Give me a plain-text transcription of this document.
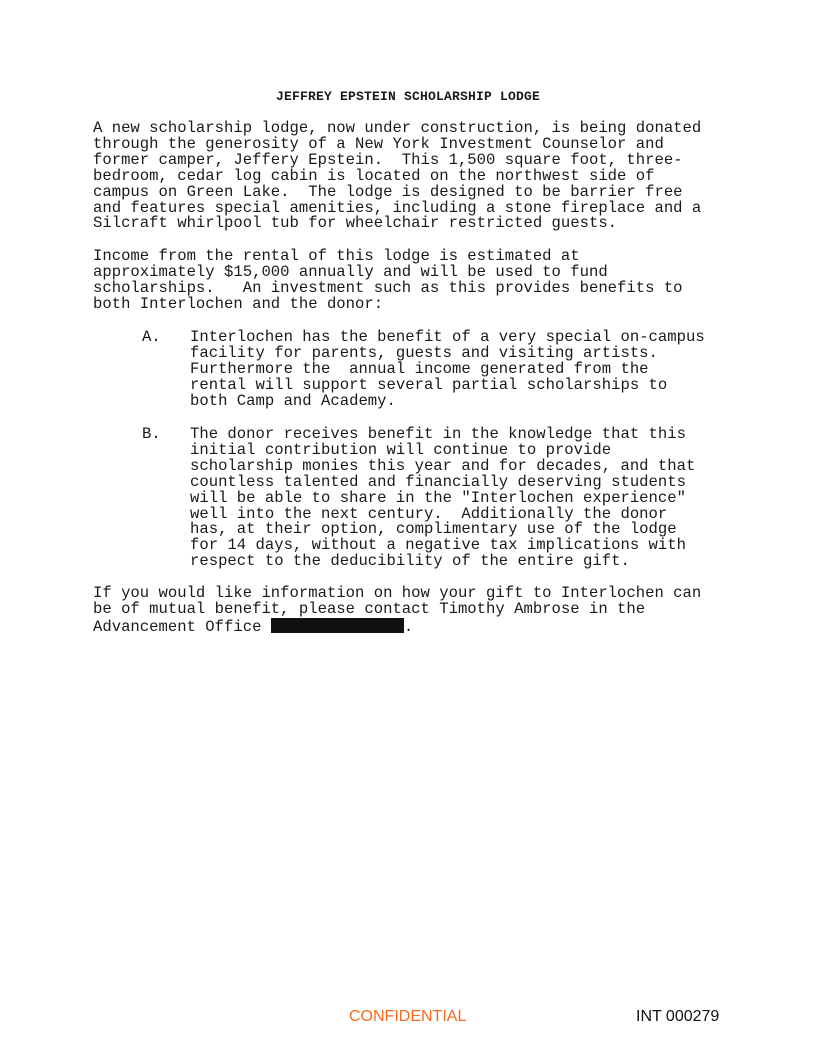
JEFFREY EPSTEIN SCHOLARSHIP LODGE

A new scholarship lodge, now under construction, is being donated
through the generosity of a New York Investment Counselor and
former camper, Jeffery Epstein.  This 1,500 square foot, three-
bedroom, cedar log cabin is located on the northwest side of
campus on Green Lake.  The lodge is designed to be barrier free
and features special amenities, including a stone fireplace and a
Silcraft whirlpool tub for wheelchair restricted guests.

Income from the rental of this lodge is estimated at
approximately $15,000 annually and will be used to fund
scholarships.   An investment such as this provides benefits to
both Interlochen and the donor:

A. Interlochen has the benefit of a very special on-campus
facility for parents, guests and visiting artists.
Furthermore the  annual income generated from the
rental will support several partial scholarships to
both Camp and Academy.

B. The donor receives benefit in the knowledge that this
initial contribution will continue to provide
scholarship monies this year and for decades, and that
countless talented and financially deserving students
will be able to share in the "Interlochen experience"
well into the next century.  Additionally the donor
has, at their option, complimentary use of the lodge
for 14 days, without a negative tax implications with
respect to the deducibility of the entire gift.

If you would like information on how your gift to Interlochen can
be of mutual benefit, please contact Timothy Ambrose in the
Advancement Office	.

CONFIDENTIAL	INT 000279
